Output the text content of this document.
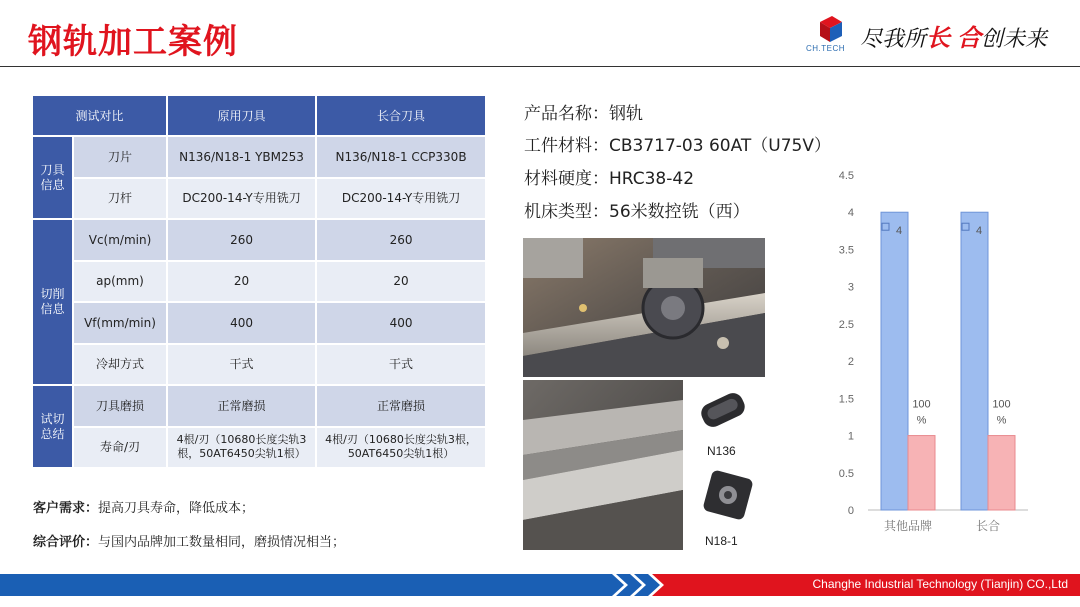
钢轨加工案例	CH.TECH 尽我所长 合创未来
测试对比		原用刀具	长合刀具
刀具信息	刀片	N136/N18-1 YBM253	N136/N18-1 CCP330B
	刀杆	DC200-14-Y专用铣刀	DC200-14-Y专用铣刀
切削信息	Vc(m/min)	260	260
	ap(mm)	20	20
	Vf(mm/min)	400	400
	冷却方式	干式	干式
试切总结	刀具磨损	正常磨损	正常磨损
	寿命/刃	4根/刃（10680长度尖轨3根，50AT6450尖轨1根）	4根/刃（10680长度尖轨3根，50AT6450尖轨1根）
客户需求：提高刀具寿命，降低成本；
综合评价：与国内品牌加工数量相同，磨损情况相当；
产品名称：钢轨
工件材料：CB3717-03 60AT（U75V）
材料硬度：HRC38-42
机床类型：56米数控铣（西）
N136
N18-1
0
0.5
1
1.5
2
2.5
3
3.5
4
4.5
4
100
%
其他品牌
4
100
%
长合
Changhe Industrial Technology (Tianjin) CO.,Ltd
